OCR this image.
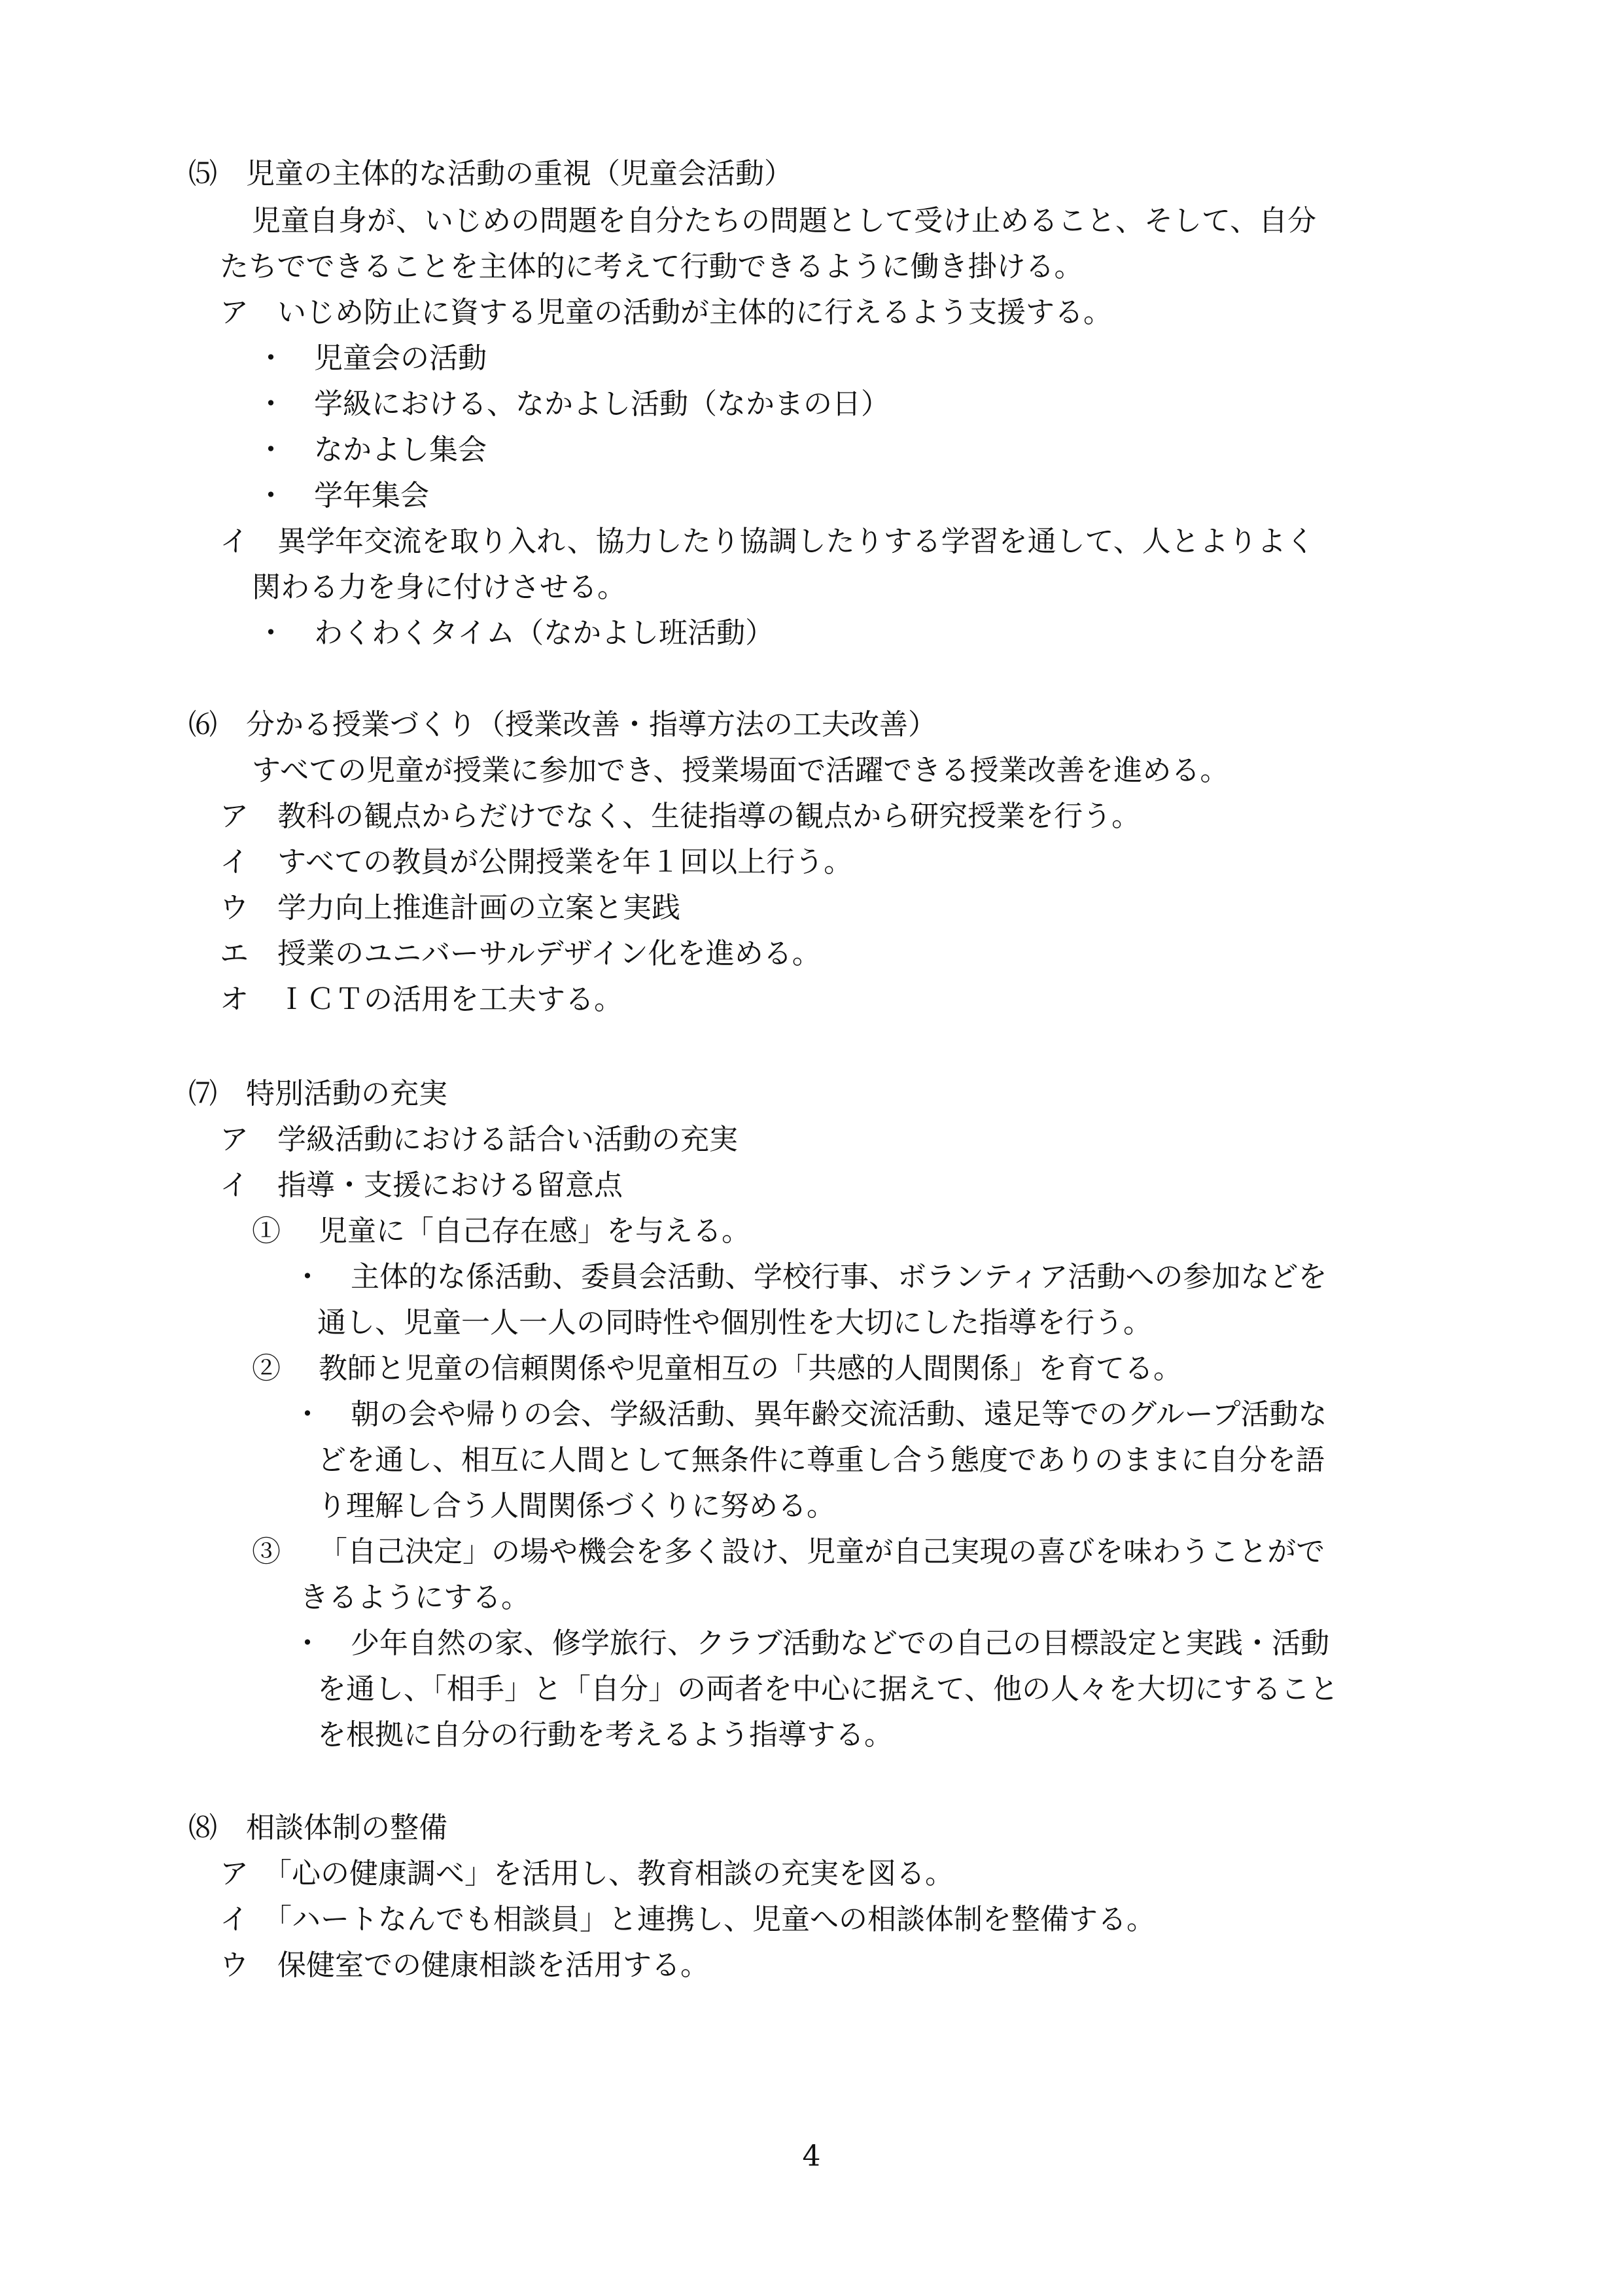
⑸　児童の主体的な活動の重視（児童会活動）

児童自身が、いじめの問題を自分たちの問題として受け止めること、そして、自分

たちでできることを主体的に考えて行動できるように働き掛ける。

ア　いじめ防止に資する児童の活動が主体的に行えるよう支援する。

・　児童会の活動

・　学級における、なかよし活動（なかまの日）

・　なかよし集会

・　学年集会

イ　異学年交流を取り入れ、協力したり協調したりする学習を通して、人とよりよく

関わる力を身に付けさせる。

・　わくわくタイム（なかよし班活動）

⑹　分かる授業づくり（授業改善・指導方法の工夫改善）

すべての児童が授業に参加でき、授業場面で活躍できる授業改善を進める。

ア　教科の観点からだけでなく、生徒指導の観点から研究授業を行う。

イ　すべての教員が公開授業を年１回以上行う。

ウ　学力向上推進計画の立案と実践

エ　授業のユニバーサルデザイン化を進める。

オ　ＩＣＴの活用を工夫する。

⑺　特別活動の充実

ア　学級活動における話合い活動の充実

イ　指導・支援における留意点

①　 児童に「自己存在感」を与える。

・　主体的な係活動、委員会活動、学校行事、ボランティア活動への参加などを

通し、児童一人一人の同時性や個別性を大切にした指導を行う。

②　 教師と児童の信頼関係や児童相互の「共感的人間関係」を育てる。

・　朝の会や帰りの会、学級活動、異年齢交流活動、遠足等でのグループ活動な

どを通し、相互に人間として無条件に尊重し合う態度でありのままに自分を語

り理解し合う人間関係づくりに努める。

③　 「自己決定」の場や機会を多く設け、児童が自己実現の喜びを味わうことがで

きるようにする。

・　少年自然の家、修学旅行、クラブ活動などでの自己の目標設定と実践・活動

を通し、「相手」と「自分」の両者を中心に据えて、他の人々を大切にすること

を根拠に自分の行動を考えるよう指導する。

⑻　相談体制の整備

ア　「心の健康調べ」を活用し、教育相談の充実を図る。

イ　「ハートなんでも相談員」と連携し、児童への相談体制を整備する。

ウ　保健室での健康相談を活用する。

4
